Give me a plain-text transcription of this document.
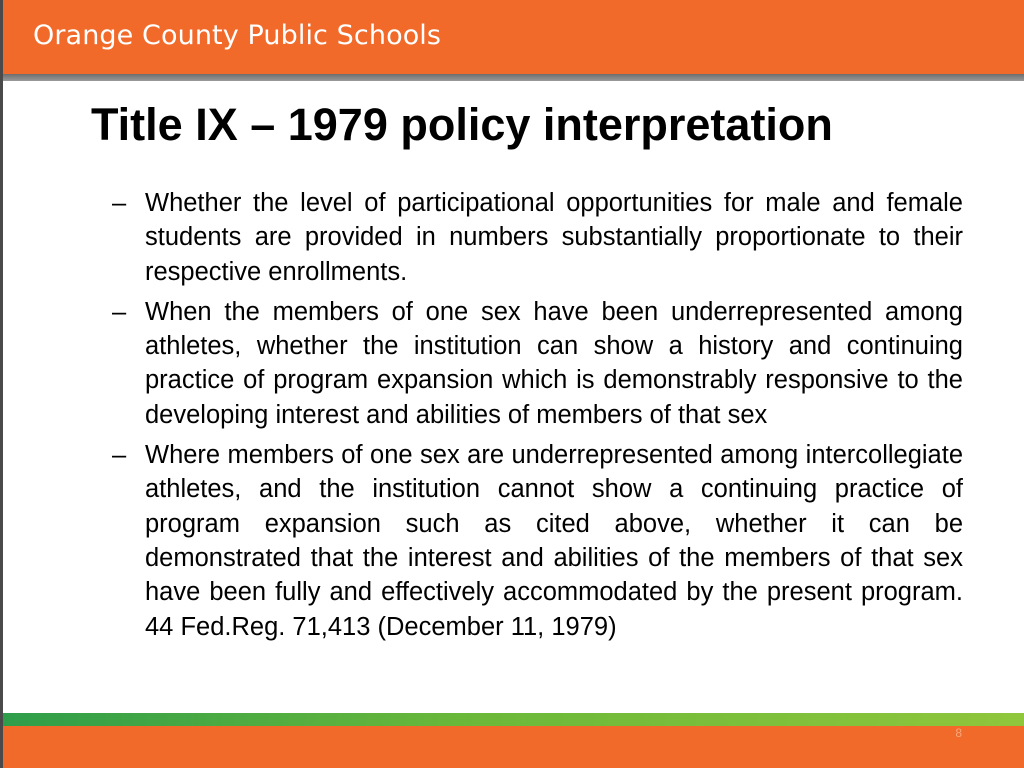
Orange County Public Schools
Title IX – 1979 policy interpretation
– Whether the level of participational opportunities for male and female students are provided in numbers substantially proportionate to their respective enrollments.
– When the members of one sex have been underrepresented among athletes, whether the institution can show a history and continuing practice of program expansion which is demonstrably responsive to the developing interest and abilities of members of that sex
– Where members of one sex are underrepresented among intercollegiate athletes, and the institution cannot show a continuing practice of program expansion such as cited above, whether it can be demonstrated that the interest and abilities of the members of that sex have been fully and effectively accommodated by the present program. 44 Fed.Reg. 71,413 (December 11, 1979)
8
